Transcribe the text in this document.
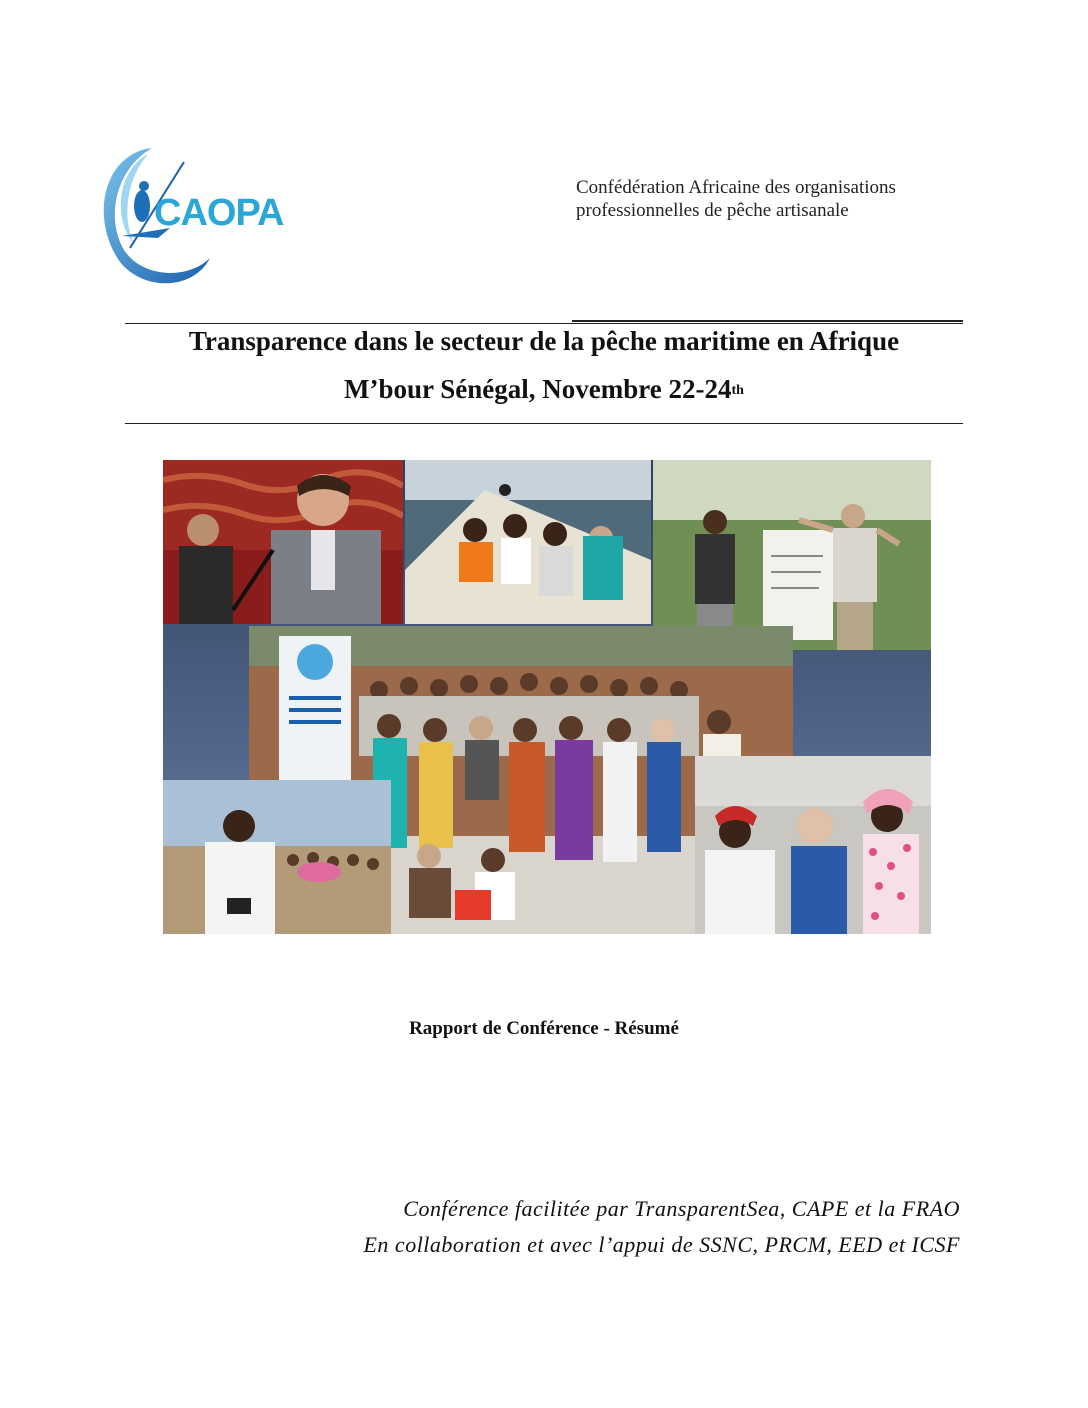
CAOPA
Confédération Africaine des organisations
professionnelles de pêche artisanale
Transparence dans le secteur de la pêche maritime en Afrique
M’bour Sénégal, Novembre 22-24th
Rapport de Conférence - Résumé
Conférence facilitée par TransparentSea, CAPE et la FRAO
En collaboration et avec l’appui de SSNC, PRCM, EED et ICSF
